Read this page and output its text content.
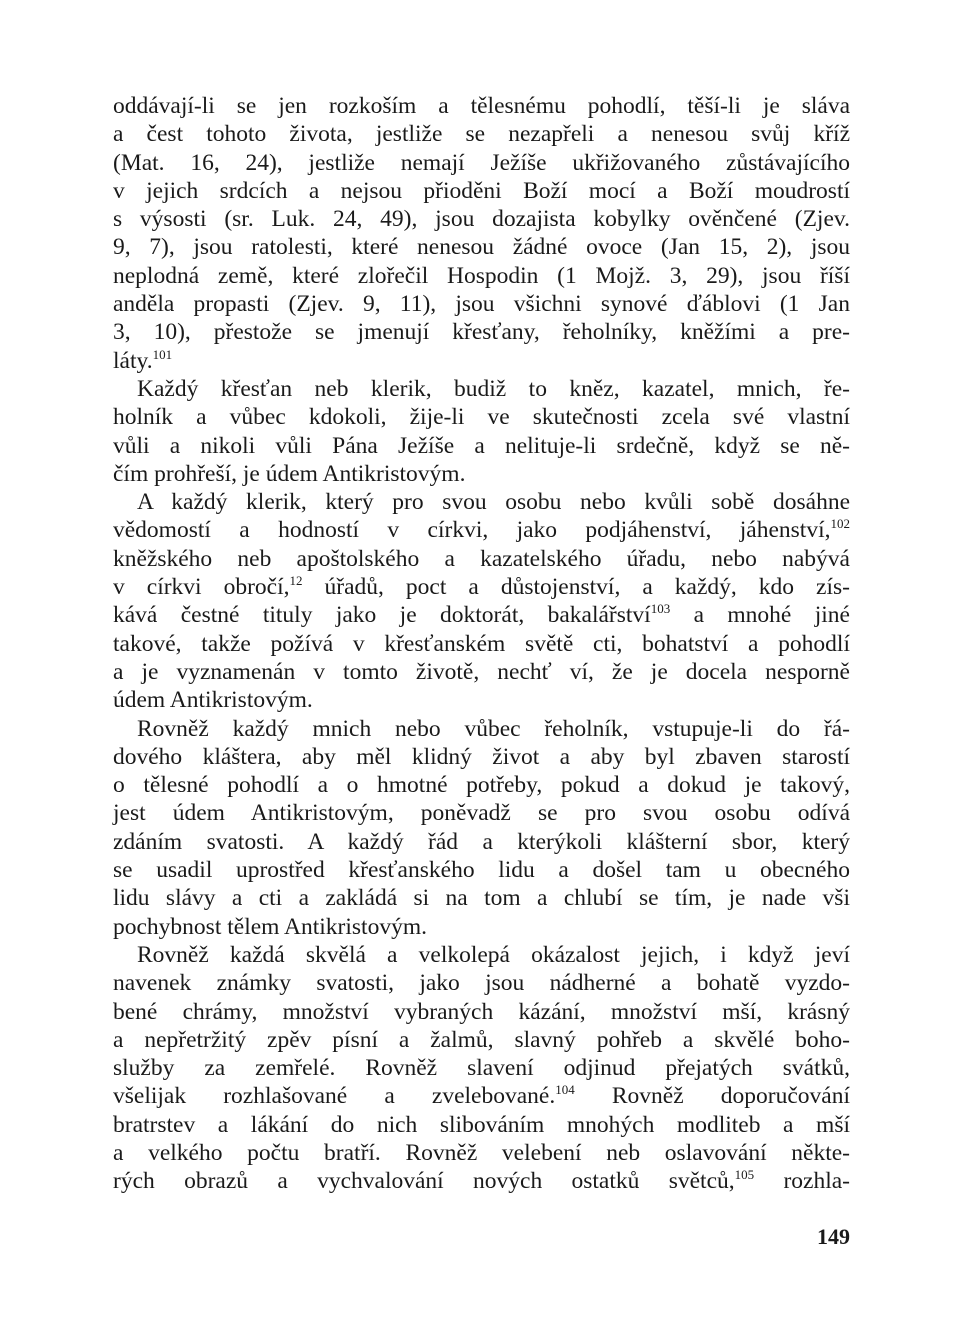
oddávají-li se jen rozkoším a tělesnému pohodlí, těší-li je sláva
a čest tohoto života, jestliže se nezapřeli a nenesou svůj kříž
(Mat. 16, 24), jestliže nemají Ježíše ukřižovaného zůstávajícího
v jejich srdcích a nejsou přioděni Boží mocí a Boží moudrostí
s výsosti (sr. Luk. 24, 49), jsou dozajista kobylky ověnčené (Zjev.
9, 7), jsou ratolesti, které nenesou žádné ovoce (Jan 15, 2), jsou
neplodná země, které zlořečil Hospodin (1 Mojž. 3, 29), jsou říší
anděla propasti (Zjev. 9, 11), jsou všichni synové ďáblovi (1 Jan
3, 10), přestože se jmenují křesťany, řeholníky, kněžími a pre-
láty.$^{101}$
Každý křesťan neb klerik, budiž to kněz, kazatel, mnich, ře-
holník a vůbec kdokoli, žije-li ve skutečnosti zcela své vlastní
vůli a nikoli vůli Pána Ježíše a nelituje-li srdečně, když se ně-
čím prohřeší, je údem Antikristovým.
A každý klerik, který pro svou osobu nebo kvůli sobě dosáhne
vědomostí a hodností v církvi, jako podjáhenství, jáhenství,$^{102}$
kněžského neb apoštolského a kazatelského úřadu, nebo nabývá
v církvi obročí,$^{12}$ úřadů, poct a důstojenství, a každý, kdo zís-
kává čestné tituly jako je doktorát, bakalářství$^{103}$ a mnohé jiné
takové, takže požívá v křesťanském světě cti, bohatství a pohodlí
a je vyznamenán v tomto životě, nechť ví, že je docela nesporně
údem Antikristovým.
Rovněž každý mnich nebo vůbec řeholník, vstupuje-li do řá-
dového kláštera, aby měl klidný život a aby byl zbaven starostí
o tělesné pohodlí a o hmotné potřeby, pokud a dokud je takový,
jest údem Antikristovým, poněvadž se pro svou osobu odívá
zdáním svatosti. A každý řád a kterýkoli klášterní sbor, který
se usadil uprostřed křesťanského lidu a došel tam u obecného
lidu slávy a cti a zakládá si na tom a chlubí se tím, je nade vši
pochybnost tělem Antikristovým.
Rovněž každá skvělá a velkolepá okázalost jejich, i když jeví
navenek známky svatosti, jako jsou nádherné a bohatě vyzdo-
bené chrámy, množství vybraných kázání, množství mší, krásný
a nepřetržitý zpěv písní a žalmů, slavný pohřeb a skvělé boho-
služby za zemřelé. Rovněž slavení odjinud přejatých svátků,
všelijak rozhlašované a zvelebované.$^{104}$ Rovněž doporučování
bratrstev a lákání do nich slibováním mnohých modliteb a mší
a velkého počtu bratří. Rovněž velebení neb oslavování někte-
rých obrazů a vychvalování nových ostatků světců,$^{105}$ rozhla-
149
